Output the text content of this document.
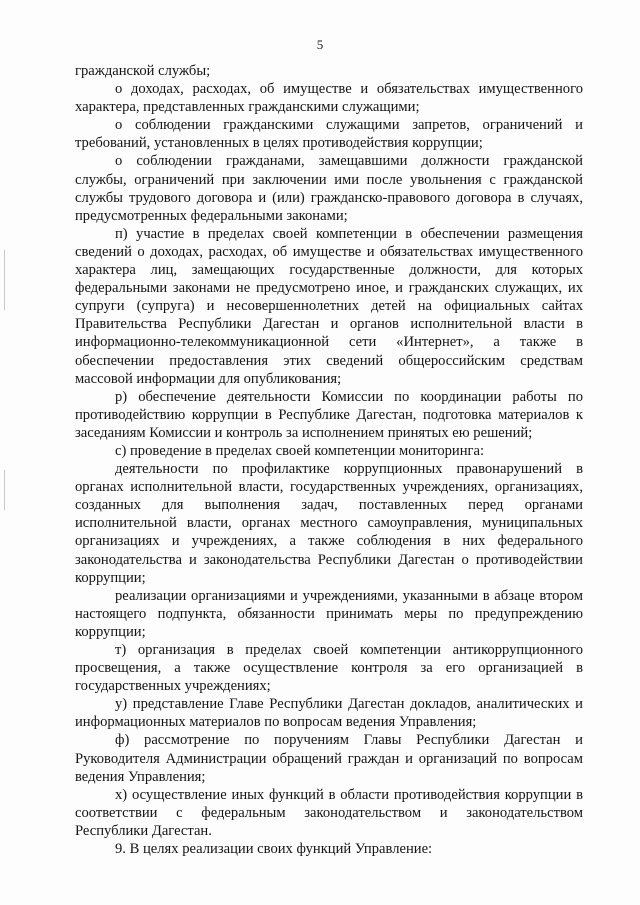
5

гражданской службы;

о доходах, расходах, об имуществе и обязательствах имущественного характера, представленных гражданскими служащими;

о соблюдении гражданскими служащими запретов, ограничений и требований, установленных в целях противодействия коррупции;

о соблюдении гражданами, замещавшими должности гражданской службы, ограничений при заключении ими после увольнения с гражданской службы трудового договора и (или) гражданско-правового договора в случаях, предусмотренных федеральными законами;

п) участие в пределах своей компетенции в обеспечении размещения сведений о доходах, расходах, об имуществе и обязательствах имущественного характера лиц, замещающих государственные должности, для которых федеральными законами не предусмотрено иное, и гражданских служащих, их супруги (супруга) и несовершеннолетних детей на официальных сайтах Правительства Республики Дагестан и органов исполнительной власти в информационно-телекоммуникационной сети «Интернет», а также в обеспечении предоставления этих сведений общероссийским средствам массовой информации для опубликования;

р) обеспечение деятельности Комиссии по координации работы по противодействию коррупции в Республике Дагестан, подготовка материалов к заседаниям Комиссии и контроль за исполнением принятых ею решений;

с) проведение в пределах своей компетенции мониторинга:

деятельности по профилактике коррупционных правонарушений в органах исполнительной власти, государственных учреждениях, организациях, созданных для выполнения задач, поставленных перед органами исполнительной власти, органах местного самоуправления, муниципальных организациях и учреждениях, а также соблюдения в них федерального законодательства и законодательства Республики Дагестан о противодействии коррупции;

реализации организациями и учреждениями, указанными в абзаце втором настоящего подпункта, обязанности принимать меры по предупреждению коррупции;

т) организация в пределах своей компетенции антикоррупционного просвещения, а также осуществление контроля за его организацией в государственных учреждениях;

у) представление Главе Республики Дагестан докладов, аналитических и информационных материалов по вопросам ведения Управления;

ф) рассмотрение по поручениям Главы Республики Дагестан и Руководителя Администрации обращений граждан и организаций по вопросам ведения Управления;

х) осуществление иных функций в области противодействия коррупции в соответствии с федеральным законодательством и законодательством Республики Дагестан.

9. В целях реализации своих функций Управление:
